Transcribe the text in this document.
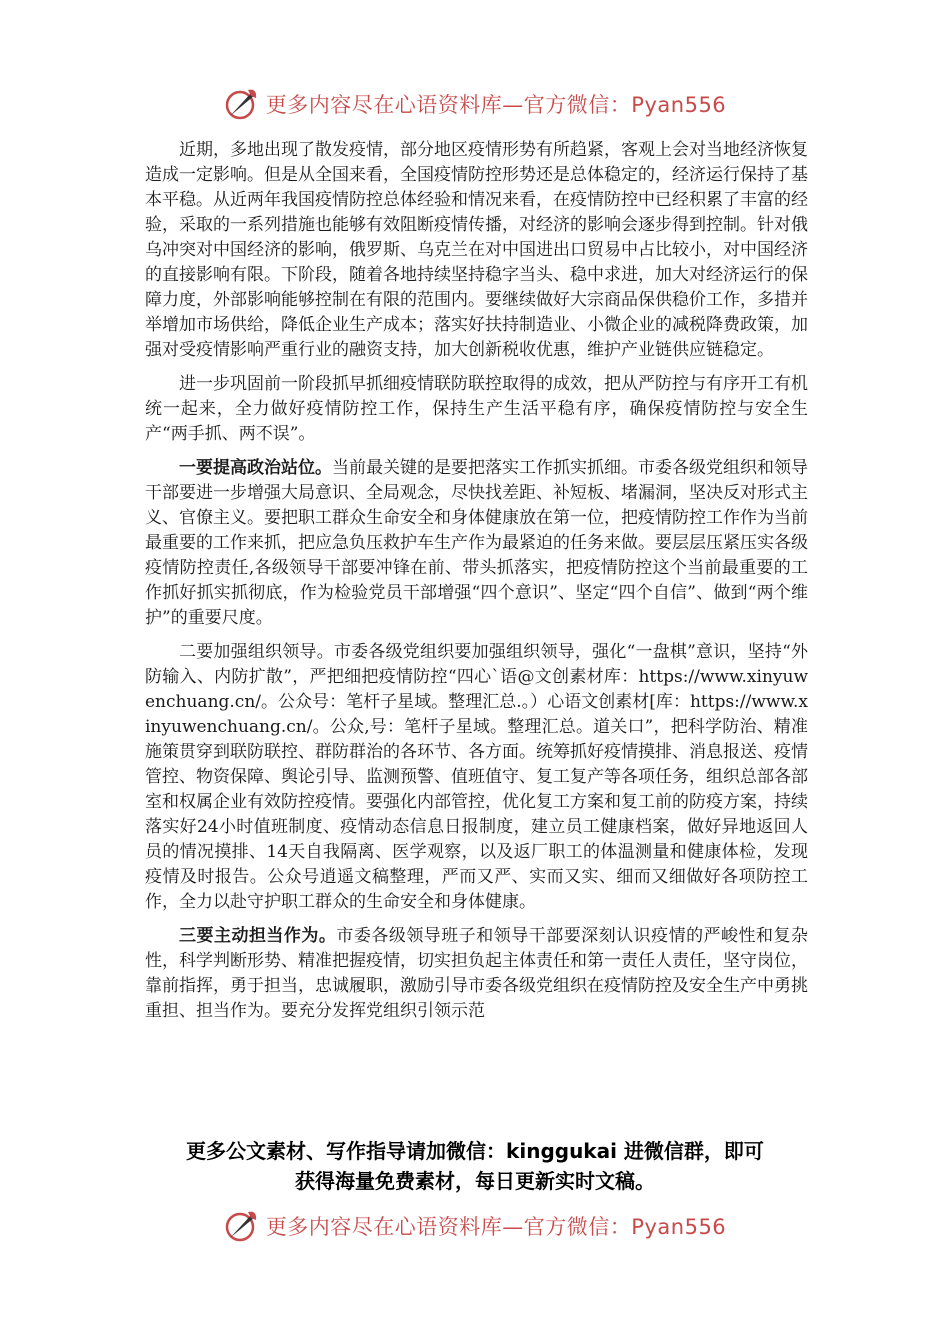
更多内容尽在心语资料库—官方微信：Pyan556

近期，多地出现了散发疫情，部分地区疫情形势有所趋紧，客观上会对当地经济恢复造成一定影响。但是从全国来看，全国疫情防控形势还是总体稳定的，经济运行保持了基本平稳。从近两年我国疫情防控总体经验和情况来看，在疫情防控中已经积累了丰富的经验，采取的一系列措施也能够有效阻断疫情传播，对经济的影响会逐步得到控制。针对俄乌冲突对中国经济的影响，俄罗斯、乌克兰在对中国进出口贸易中占比较小，对中国经济的直接影响有限。下阶段，随着各地持续坚持稳字当头、稳中求进，加大对经济运行的保障力度，外部影响能够控制在有限的范围内。要继续做好大宗商品保供稳价工作，多措并举增加市场供给，降低企业生产成本；落实好扶持制造业、小微企业的减税降费政策，加强对受疫情影响严重行业的融资支持，加大创新税收优惠，维护产业链供应链稳定。

进一步巩固前一阶段抓早抓细疫情联防联控取得的成效，把从严防控与有序开工有机统一起来，全力做好疫情防控工作，保持生产生活平稳有序，确保疫情防控与安全生产“两手抓、两不误”。

一要提高政治站位。当前最关键的是要把落实工作抓实抓细。市委各级党组织和领导干部要进一步增强大局意识、全局观念，尽快找差距、补短板、堵漏洞，坚决反对形式主义、官僚主义。要把职工群众生命安全和身体健康放在第一位，把疫情防控工作作为当前最重要的工作来抓，把应急负压救护车生产作为最紧迫的任务来做。要层层压紧压实各级疫情防控责任,各级领导干部要冲锋在前、带头抓落实，把疫情防控这个当前最重要的工作抓好抓实抓彻底，作为检验党员干部增强“四个意识”、坚定“四个自信”、做到“两个维护”的重要尺度。

二要加强组织领导。市委各级党组织要加强组织领导，强化“一盘棋”意识，坚持“外防输入、内防扩散”，严把细把疫情防控“四心`语@文创素材库：https://www.xinyuwenchuang.cn/。公众号：笔杆子星域。整理汇总.。）心语文创素材[库：https://www.xinyuwenchuang.cn/。公众,号：笔杆子星域。整理汇总。道关口”，把科学防治、精准施策贯穿到联防联控、群防群治的各环节、各方面。统筹抓好疫情摸排、消息报送、疫情管控、物资保障、舆论引导、监测预警、值班值守、复工复产等各项任务，组织总部各部室和权属企业有效防控疫情。要强化内部管控，优化复工方案和复工前的防疫方案，持续落实好24小时值班制度、疫情动态信息日报制度，建立员工健康档案，做好异地返回人员的情况摸排、14天自我隔离、医学观察，以及返厂职工的体温测量和健康体检，发现疫情及时报告。公众号逍遥文稿整理，严而又严、实而又实、细而又细做好各项防控工作，全力以赴守护职工群众的生命安全和身体健康。

三要主动担当作为。市委各级领导班子和领导干部要深刻认识疫情的严峻性和复杂性，科学判断形势、精准把握疫情，切实担负起主体责任和第一责任人责任，坚守岗位，靠前指挥，勇于担当，忠诚履职，激励引导市委各级党组织在疫情防控及安全生产中勇挑重担、担当作为。要充分发挥党组织引领示范

更多公文素材、写作指导请加微信：kinggukai 进微信群，即可
获得海量免费素材，每日更新实时文稿。
更多内容尽在心语资料库—官方微信：Pyan556
